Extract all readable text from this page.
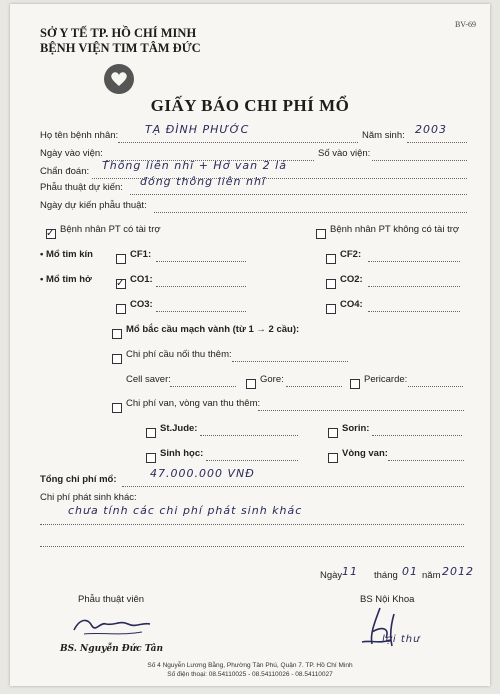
BV-69
SỞ Y TẾ TP. HỒ CHÍ MINH
BỆNH VIỆN TIM TÂM ĐỨC
GIẤY BÁO CHI PHÍ MỔ
Họ tên bệnh nhân: TẠ ĐÌNH PHƯỚC	Năm sinh: 2003
Ngày vào viện:	Số vào viện:
Chẩn đoán: Thông liên nhĩ + Hở van 2 lá
Phẫu thuật dự kiến: đóng thông liên nhĩ
Ngày dự kiến phẫu thuật:
✓
Bệnh nhân PT có tài trợ	Bệnh nhân PT không có tài trợ
• Mổ tim kín	CF1:	CF2:
• Mổ tim hở
✓	CO1:	CO2:
CO3:	CO4:
Mổ bắc cầu mạch vành (từ 1 → 2 cầu):
Chi phí cầu nối thu thêm:
Cell saver:	Gore:	Pericarde:
Chi phí van, vòng van thu thêm:
St.Jude:	Sorin:
Sinh học:	Vòng van:
Tổng chi phí mổ:	47.000.000 VNĐ
Chi phí phát sinh khác:
chưa tính các chi phí phát sinh khác
Ngày 11 tháng 01 năm 2012
Phẫu thuật viên
BS. Nguyễn Đức Tân
BS Nội Khoa
lợi thư
Số 4 Nguyễn Lương Bằng, Phường Tân Phú, Quận 7. TP. Hồ Chí Minh
Số điện thoại: 08.54110025 - 08.54110026 - 08.54110027
